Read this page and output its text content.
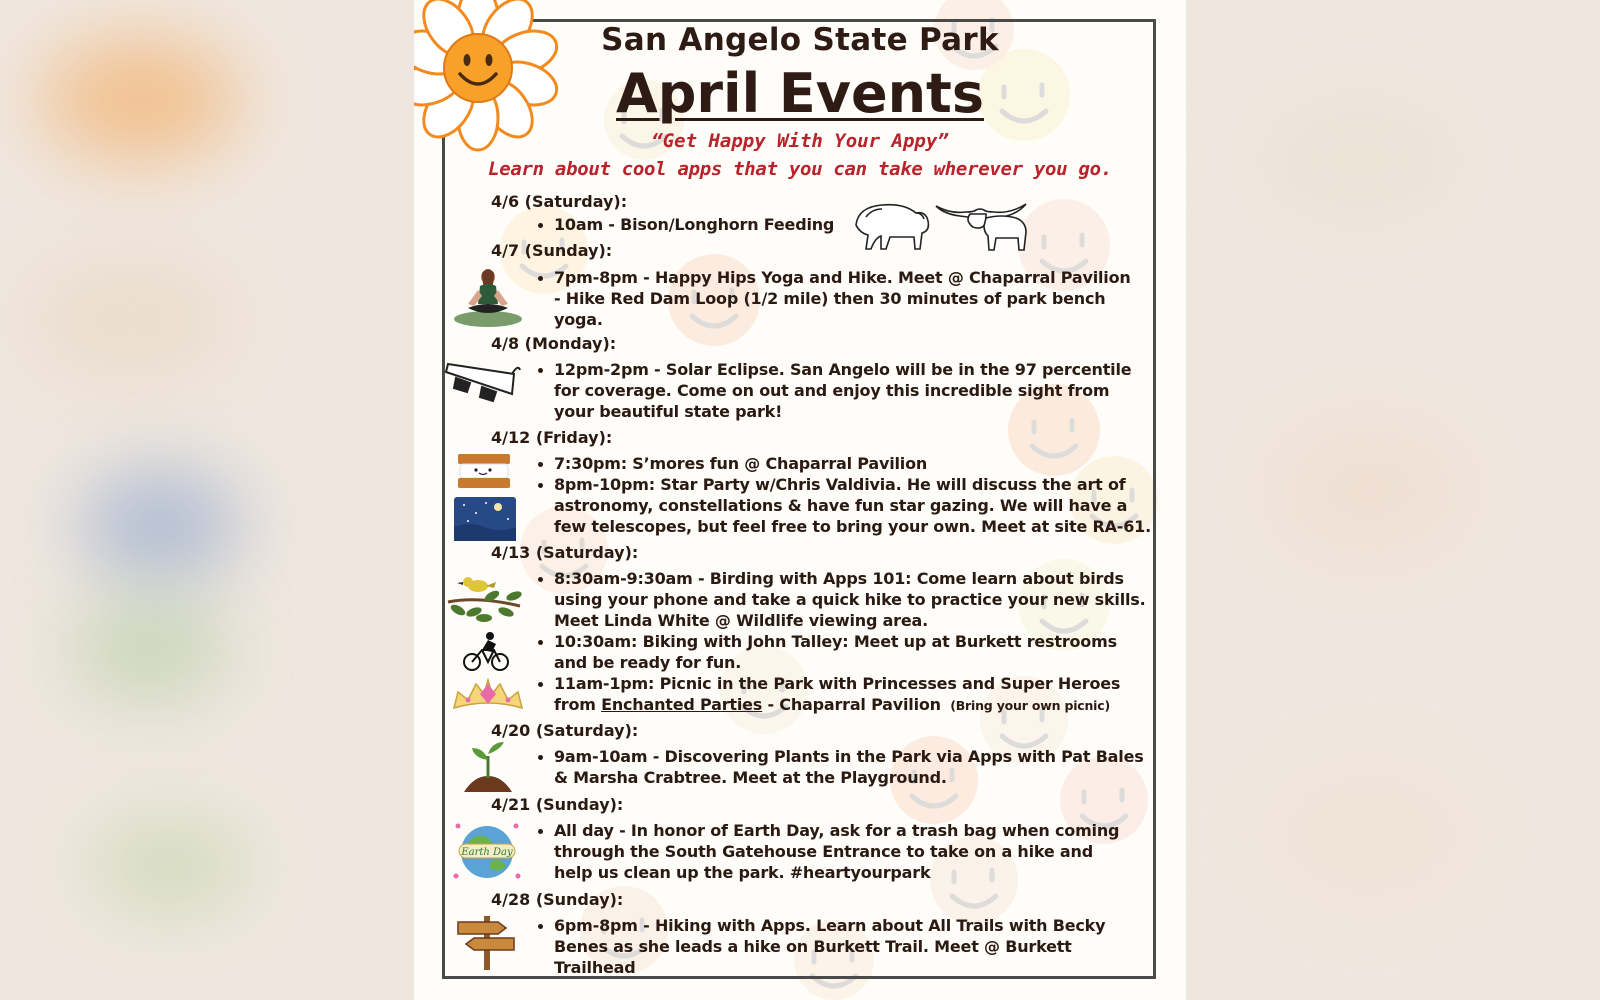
San Angelo State Park
April Events
“Get Happy With Your Appy”
Learn about cool apps that you can take wherever you go.
4/6 (Saturday):
10am - Bison/Longhorn Feeding
4/7 (Sunday):
7pm-8pm - Happy Hips Yoga and Hike. Meet @ Chaparral Pavilion - Hike Red Dam Loop (1/2 mile) then 30 minutes of park bench yoga.
4/8 (Monday):
12pm-2pm - Solar Eclipse. San Angelo will be in the 97 percentile for coverage. Come on out and enjoy this incredible sight from your beautiful state park!
4/12 (Friday):
7:30pm: S’mores fun @ Chaparral Pavilion
8pm-10pm: Star Party w/Chris Valdivia. He will discuss the art of astronomy, constellations & have fun star gazing. We will have a few telescopes, but feel free to bring your own. Meet at site RA-61.
4/13 (Saturday):
8:30am-9:30am - Birding with Apps 101: Come learn about birds using your phone and take a quick hike to practice your new skills. Meet Linda White @ Wildlife viewing area.
10:30am: Biking with John Talley: Meet up at Burkett restrooms and be ready for fun.
11am-1pm: Picnic in the Park with Princesses and Super Heroes from Enchanted Parties - Chaparral Pavilion (Bring your own picnic)
4/20 (Saturday):
9am-10am - Discovering Plants in the Park via Apps with Pat Bales & Marsha Crabtree. Meet at the Playground.
4/21 (Sunday):
All day - In honor of Earth Day, ask for a trash bag when coming through the South Gatehouse Entrance to take on a hike and help us clean up the park. #heartyourpark
4/28 (Sunday):
6pm-8pm - Hiking with Apps. Learn about All Trails with Becky Benes as she leads a hike on Burkett Trail. Meet @ Burkett Trailhead
Earth Day
